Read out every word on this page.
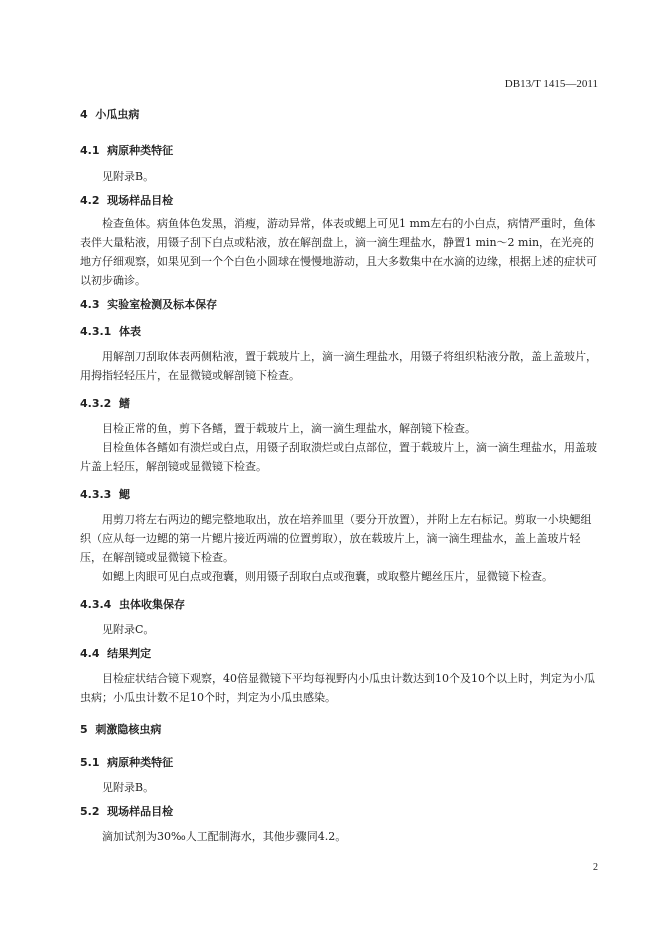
DB13/T 1415—2011

4  小瓜虫病

4.1  病原种类特征

见附录B。

4.2  现场样品目检

检查鱼体。病鱼体色发黑，消瘦，游动异常，体表或鳃上可见1 mm左右的小白点，病情严重时，鱼体表伴大量粘液，用镊子刮下白点或粘液，放在解剖盘上，滴一滴生理盐水，静置1 min～2 min，在光亮的地方仔细观察，如果见到一个个白色小圆球在慢慢地游动，且大多数集中在水滴的边缘，根据上述的症状可以初步确诊。

4.3  实验室检测及标本保存

4.3.1  体表

用解剖刀刮取体表两侧粘液，置于载玻片上，滴一滴生理盐水，用镊子将组织粘液分散，盖上盖玻片，用拇指轻轻压片，在显微镜或解剖镜下检查。

4.3.2  鳍

目检正常的鱼，剪下各鳍，置于载玻片上，滴一滴生理盐水，解剖镜下检查。

目检鱼体各鳍如有溃烂或白点，用镊子刮取溃烂或白点部位，置于载玻片上，滴一滴生理盐水，用盖玻片盖上轻压，解剖镜或显微镜下检查。

4.3.3  鳃

用剪刀将左右两边的鳃完整地取出，放在培养皿里（要分开放置），并附上左右标记。剪取一小块鳃组织（应从每一边鳃的第一片鳃片接近两端的位置剪取），放在载玻片上，滴一滴生理盐水，盖上盖玻片轻压，在解剖镜或显微镜下检查。

如鳃上肉眼可见白点或孢囊，则用镊子刮取白点或孢囊，或取整片鳃丝压片，显微镜下检查。

4.3.4  虫体收集保存

见附录C。

4.4  结果判定

目检症状结合镜下观察，40倍显微镜下平均每视野内小瓜虫计数达到10个及10个以上时，判定为小瓜虫病；小瓜虫计数不足10个时，判定为小瓜虫感染。

5  刺激隐核虫病

5.1  病原种类特征

见附录B。

5.2  现场样品目检

滴加试剂为30‰人工配制海水，其他步骤同4.2。

2
